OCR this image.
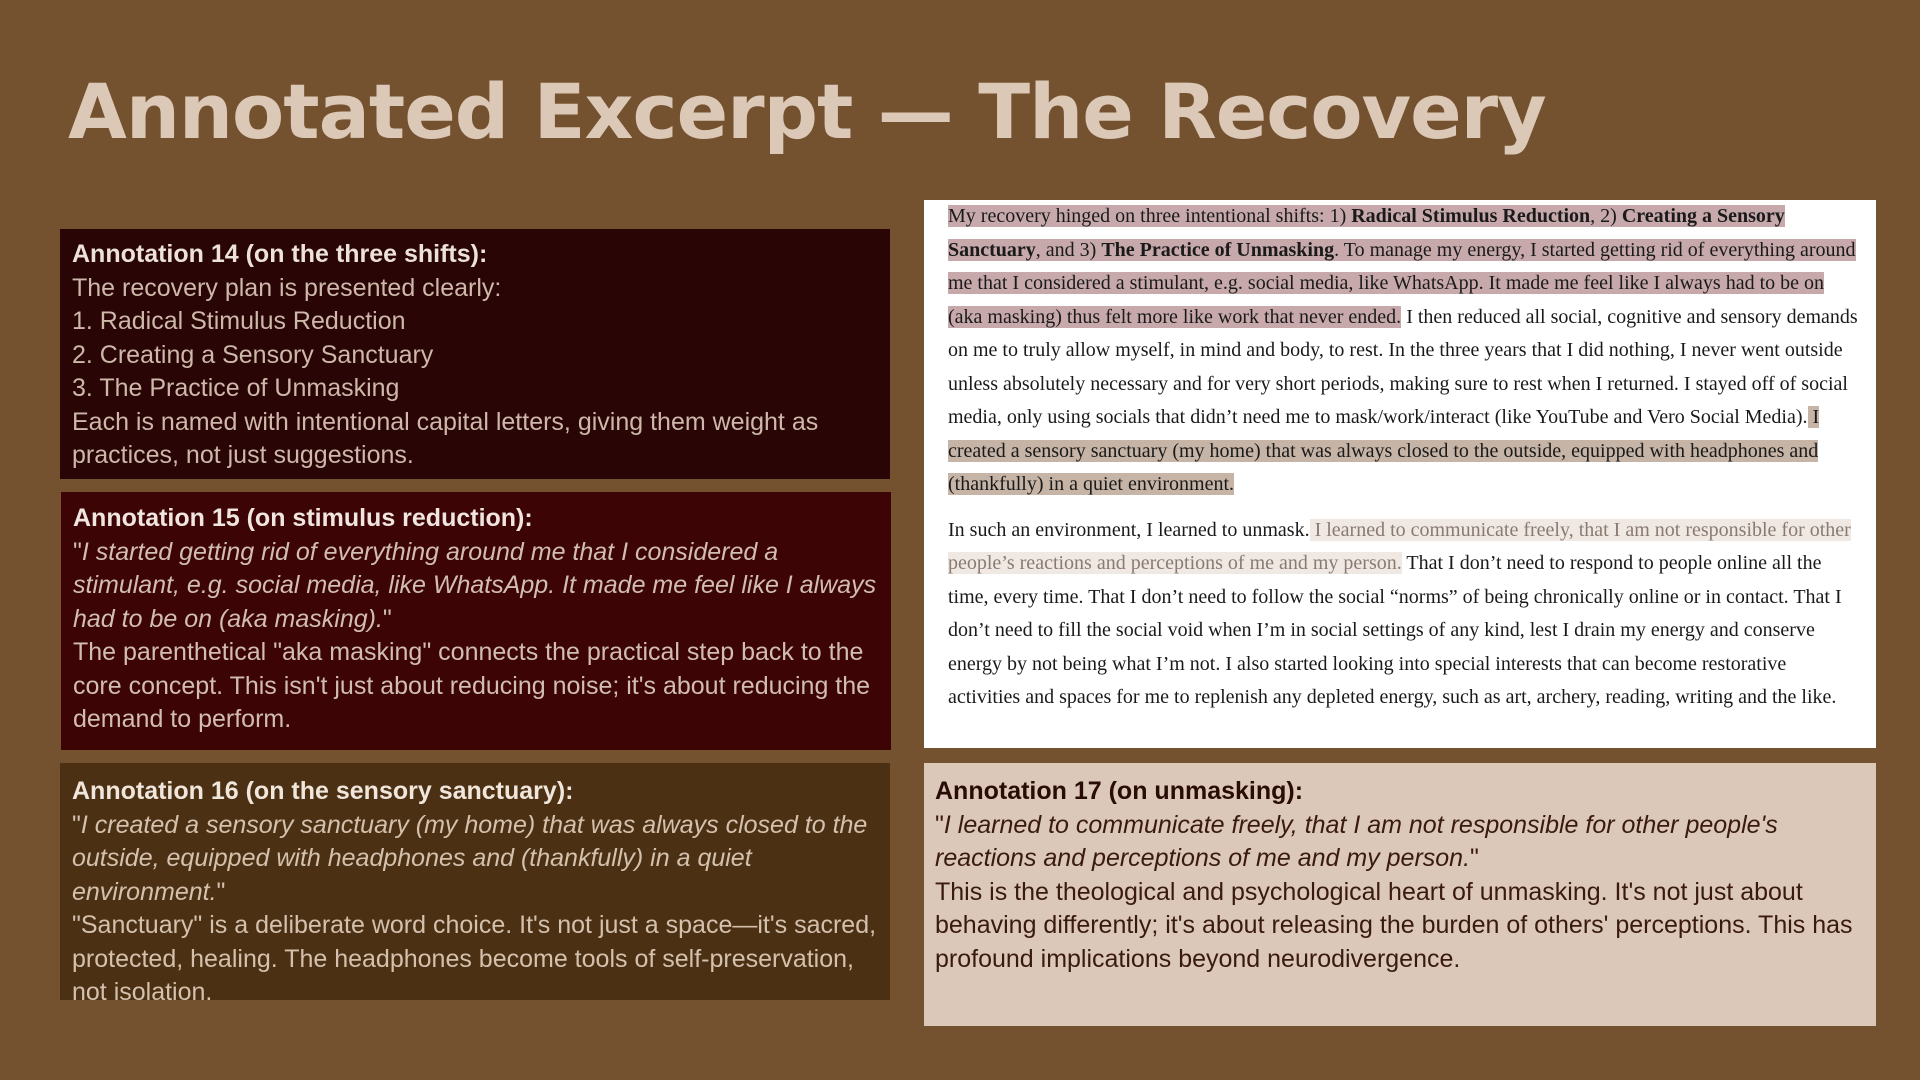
Annotated Excerpt — The Recovery
Annotation 14 (on the three shifts):
The recovery plan is presented clearly:
1. Radical Stimulus Reduction
2. Creating a Sensory Sanctuary
3. The Practice of Unmasking
Each is named with intentional capital letters, giving them weight as practices, not just suggestions.
Annotation 15 (on stimulus reduction):
"I started getting rid of everything around me that I considered a stimulant, e.g. social media, like WhatsApp. It made me feel like I always had to be on (aka masking)."
The parenthetical "aka masking" connects the practical step back to the core concept. This isn't just about reducing noise; it's about reducing the demand to perform.
Annotation 16 (on the sensory sanctuary):
"I created a sensory sanctuary (my home) that was always closed to the outside, equipped with headphones and (thankfully) in a quiet environment."
"Sanctuary" is a deliberate word choice. It's not just a space—it's sacred, protected, healing. The headphones become tools of self-preservation, not isolation.

My recovery hinged on three intentional shifts: 1) Radical Stimulus Reduction, 2) Creating a Sensory Sanctuary, and 3) The Practice of Unmasking. To manage my energy, I started getting rid of everything around me that I considered a stimulant, e.g. social media, like WhatsApp. It made me feel like I always had to be on (aka masking) thus felt more like work that never ended. I then reduced all social, cognitive and sensory demands on me to truly allow myself, in mind and body, to rest. In the three years that I did nothing, I never went outside unless absolutely necessary and for very short periods, making sure to rest when I returned. I stayed off of social media, only using socials that didn’t need me to mask/work/interact (like YouTube and Vero Social Media). I created a sensory sanctuary (my home) that was always closed to the outside, equipped with headphones and (thankfully) in a quiet environment.

In such an environment, I learned to unmask. I learned to communicate freely, that I am not responsible for other people’s reactions and perceptions of me and my person. That I don’t need to respond to people online all the time, every time. That I don’t need to follow the social “norms” of being chronically online or in contact. That I don’t need to fill the social void when I’m in social settings of any kind, lest I drain my energy and conserve energy by not being what I’m not. I also started looking into special interests that can become restorative activities and spaces for me to replenish any depleted energy, such as art, archery, reading, writing and the like.

Annotation 17 (on unmasking):
"I learned to communicate freely, that I am not responsible for other people's reactions and perceptions of me and my person."
This is the theological and psychological heart of unmasking. It's not just about behaving differently; it's about releasing the burden of others' perceptions. This has profound implications beyond neurodivergence.
